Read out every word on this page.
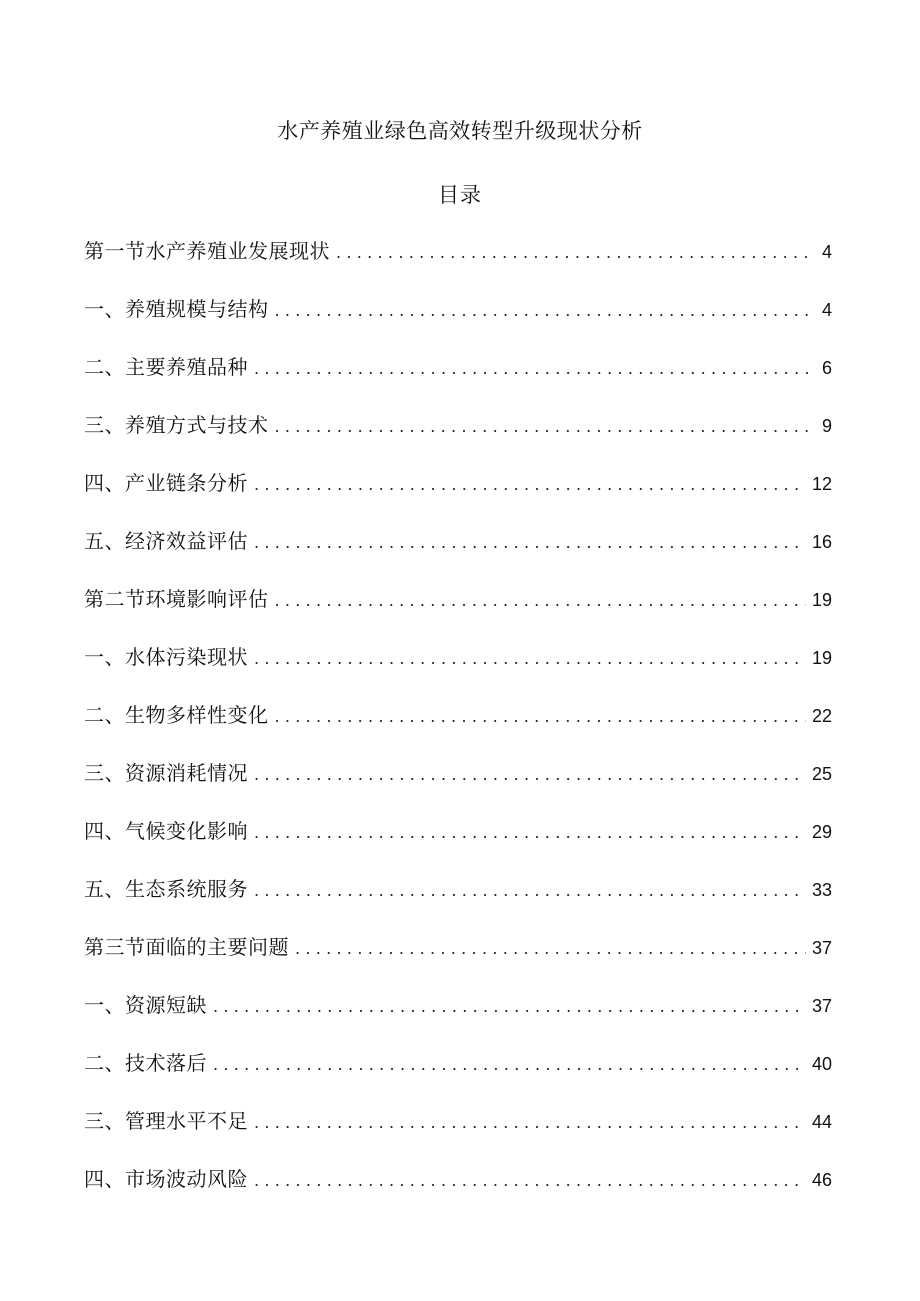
水产养殖业绿色高效转型升级现状分析
目录
第一节水产养殖业发展现状 .....	4
一、养殖规模与结构 .....	4
二、主要养殖品种 .....	6
三、养殖方式与技术 .....	9
四、产业链条分析 .....	12
五、经济效益评估 .....	16
第二节环境影响评估 .....	19
一、水体污染现状 .....	19
二、生物多样性变化 .....	22
三、资源消耗情况 .....	25
四、气候变化影响 .....	29
五、生态系统服务 .....	33
第三节面临的主要问题 .....	37
一、资源短缺 .....	37
二、技术落后 .....	40
三、管理水平不足 .....	44
四、市场波动风险 .....	46
